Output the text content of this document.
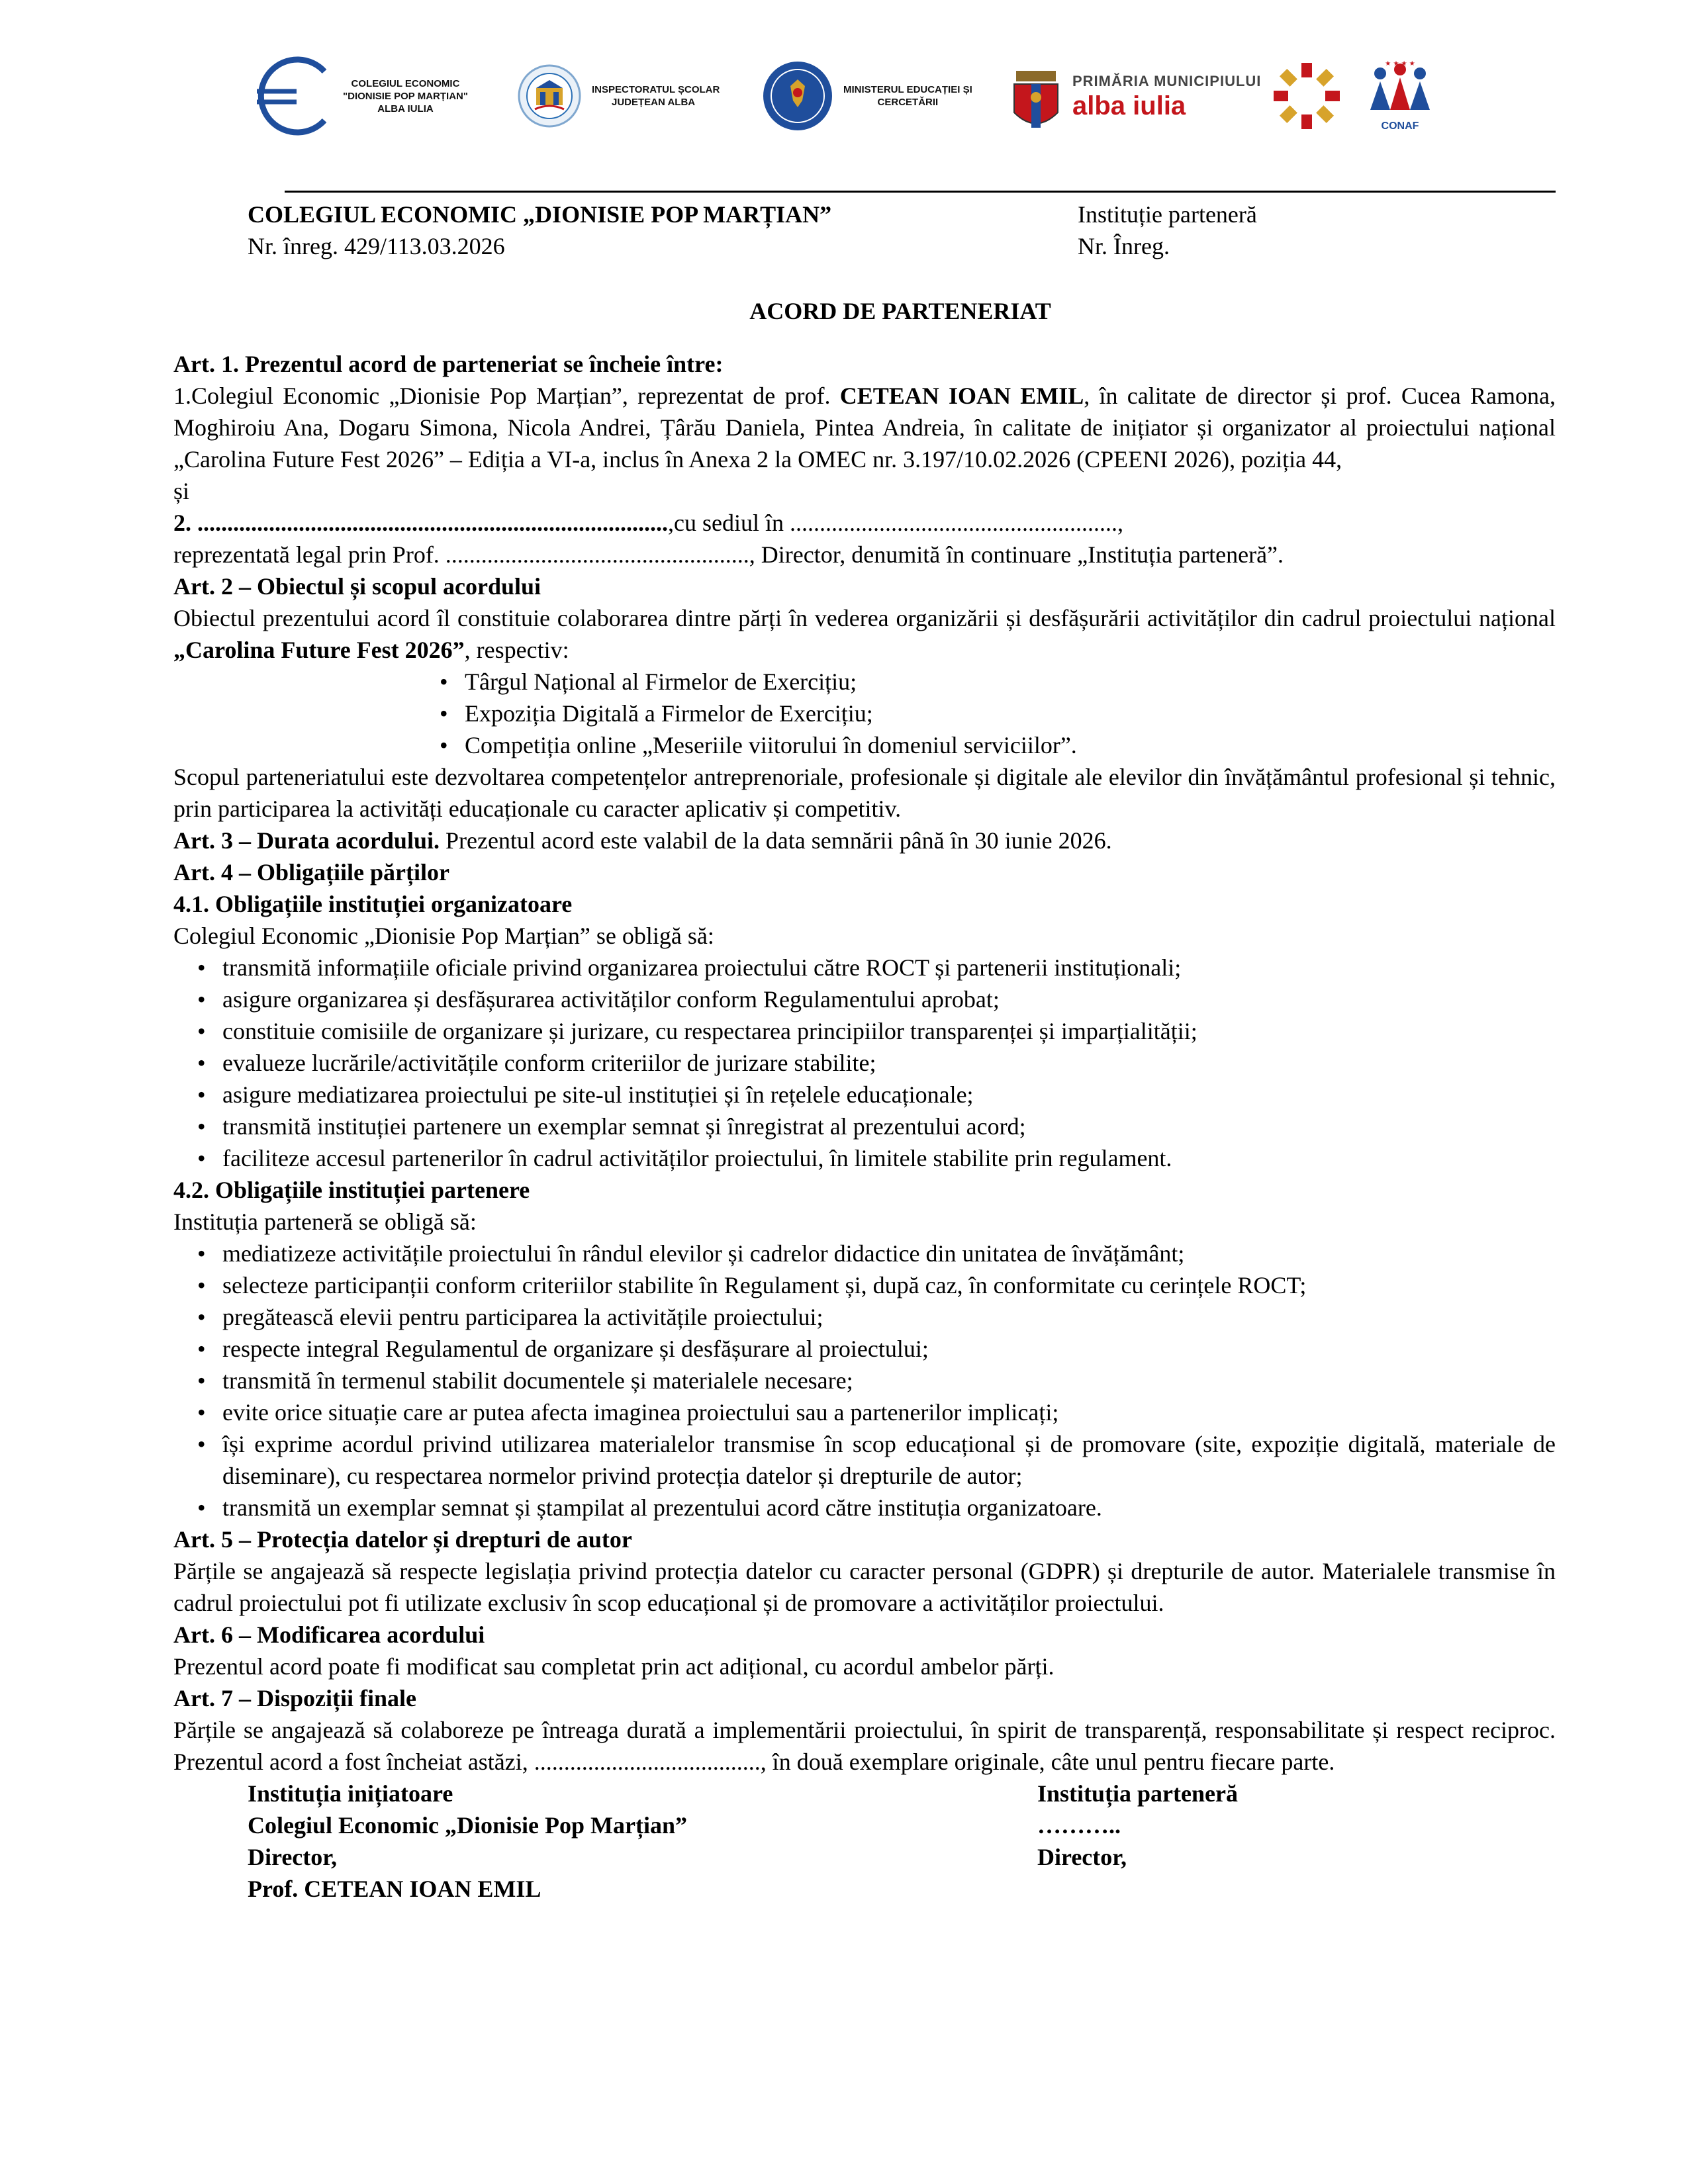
COLEGIUL ECONOMIC
"DIONISIE POP MARȚIAN"
ALBA IULIA
INSPECTORATUL ȘCOLAR
JUDEȚEAN ALBA
MINISTERUL EDUCAȚIEI ȘI
CERCETĂRII
PRIMĂRIA MUNICIPIULUI
alba iulia
★ ★ ★ ★
CONAF
COLEGIUL ECONOMIC „DIONISIE POP MARȚIAN”
Nr. înreg. 429/113.03.2026
Instituție parteneră
Nr. Înreg.
ACORD DE PARTENERIAT

Art. 1. Prezentul acord de parteneriat se încheie între:

1.Colegiul Economic „Dionisie Pop Marțian”, reprezentat de prof. CETEAN IOAN EMIL, în calitate de director și prof. Cucea Ramona, Moghiroiu Ana, Dogaru Simona, Nicola Andrei, Țârău Daniela, Pintea Andreia, în calitate de inițiator și organizator al proiectului național „Carolina Future Fest 2026” – Ediția a VI-a, inclus în Anexa 2 la OMEC nr. 3.197/10.02.2026 (CPEENI 2026), poziția 44,

și

2. ...............................................................................,cu sediul în .......................................................,

reprezentată legal prin Prof. ..................................................., Director, denumită în continuare „Instituția parteneră”.

Art. 2 – Obiectul și scopul acordului

Obiectul prezentului acord îl constituie colaborarea dintre părți în vederea organizării și desfășurării activităților din cadrul proiectului național „Carolina Future Fest 2026”, respectiv:

• Târgul Național al Firmelor de Exercițiu;
• Expoziția Digitală a Firmelor de Exercițiu;
• Competiția online „Meseriile viitorului în domeniul serviciilor”.

Scopul parteneriatului este dezvoltarea competențelor antreprenoriale, profesionale și digitale ale elevilor din învățământul profesional și tehnic, prin participarea la activități educaționale cu caracter aplicativ și competitiv.

Art. 3 – Durata acordului. Prezentul acord este valabil de la data semnării până în 30 iunie 2026.

Art. 4 – Obligațiile părților

4.1. Obligațiile instituției organizatoare

Colegiul Economic „Dionisie Pop Marțian” se obligă să:

• transmită informațiile oficiale privind organizarea proiectului către ROCT și partenerii instituționali;
• asigure organizarea și desfășurarea activităților conform Regulamentului aprobat;
• constituie comisiile de organizare și jurizare, cu respectarea principiilor transparenței și imparțialității;
• evalueze lucrările/activitățile conform criteriilor de jurizare stabilite;
• asigure mediatizarea proiectului pe site-ul instituției și în rețelele educaționale;
• transmită instituției partenere un exemplar semnat și înregistrat al prezentului acord;
• faciliteze accesul partenerilor în cadrul activităților proiectului, în limitele stabilite prin regulament.

4.2. Obligațiile instituției partenere

Instituția parteneră se obligă să:

• mediatizeze activitățile proiectului în rândul elevilor și cadrelor didactice din unitatea de învățământ;
• selecteze participanții conform criteriilor stabilite în Regulament și, după caz, în conformitate cu cerințele ROCT;
• pregătească elevii pentru participarea la activitățile proiectului;
• respecte integral Regulamentul de organizare și desfășurare al proiectului;
• transmită în termenul stabilit documentele și materialele necesare;
• evite orice situație care ar putea afecta imaginea proiectului sau a partenerilor implicați;
• își exprime acordul privind utilizarea materialelor transmise în scop educațional și de promovare (site, expoziție digitală, materiale de diseminare), cu respectarea normelor privind protecția datelor și drepturile de autor;
• transmită un exemplar semnat și ștampilat al prezentului acord către instituția organizatoare.

Art. 5 – Protecția datelor și drepturi de autor

Părțile se angajează să respecte legislația privind protecția datelor cu caracter personal (GDPR) și drepturile de autor. Materialele transmise în cadrul proiectului pot fi utilizate exclusiv în scop educațional și de promovare a activităților proiectului.

Art. 6 – Modificarea acordului

Prezentul acord poate fi modificat sau completat prin act adițional, cu acordul ambelor părți.

Art. 7 – Dispoziții finale

Părțile se angajează să colaboreze pe întreaga durată a implementării proiectului, în spirit de transparență, responsabilitate și respect reciproc. Prezentul acord a fost încheiat astăzi, ......................................, în două exemplare originale, câte unul pentru fiecare parte.

Instituția inițiatoare
Colegiul Economic „Dionisie Pop Marțian”
Director,
Prof. CETEAN IOAN EMIL
Instituția parteneră
………..
Director,
